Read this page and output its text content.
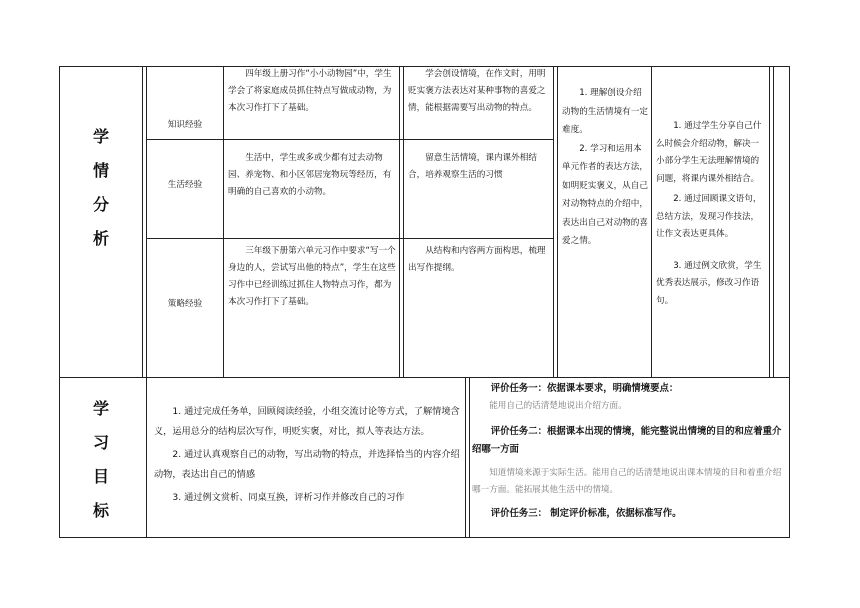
学
情
分
析
学
习
目
标
知识经验
生活经验
策略经验

四年级上册习作“小小动物园”中，学生学会了将家庭成员抓住特点写做成动物，为本次习作打下了基础。

生活中，学生或多或少都有过去动物园、养宠物、和小区邻居宠物玩等经历，有明确的自己喜欢的小动物。

三年级下册第六单元习作中要求“写一个身边的人，尝试写出他的特点”，学生在这些习作中已经训练过抓住人物特点习作，都为本次习作打下了基础。

学会创设情境，在作文时，用明贬实褒方法表达对某种事物的喜爱之情，能根据需要写出动物的特点。

留意生活情境，课内课外相结合，培养观察生活的习惯

从结构和内容两方面构思，梳理出写作提纲。

1. 理解创设介绍动物的生活情境有一定难度。

2. 学习和运用本单元作者的表达方法，如明贬实褒义，从自己对动物特点的介绍中，表达出自己对动物的喜爱之情。

1. 通过学生分享自己什么时候会介绍动物，解决一小部分学生无法理解情境的问题，将课内课外相结合。

2. 通过回顾课文语句，总结方法，发现习作技法，让作文表达更具体。

3. 通过例文欣赏，学生优秀表达展示，修改习作语句。

1. 通过完成任务单，回顾阅读经验，小组交流讨论等方式，了解情境含义，运用总分的结构层次写作，明贬实褒，对比，拟人等表达方法。

2. 通过认真观察自己的动物，写出动物的特点，并选择恰当的内容介绍动物，表达出自己的情感

3. 通过例文赏析、同桌互换，评析习作并修改自己的习作

评价任务一：依据课本要求，明确情境要点：

能用自己的话清楚地说出介绍方面。

评价任务二：根据课本出现的情境，能完整说出情境的目的和应着重介绍哪一方面

知道情境来源于实际生活。能用自己的话清楚地说出课本情境的目和着重介绍哪一方面。能拓展其他生活中的情境。

评价任务三： 制定评价标准，依据标准写作。
